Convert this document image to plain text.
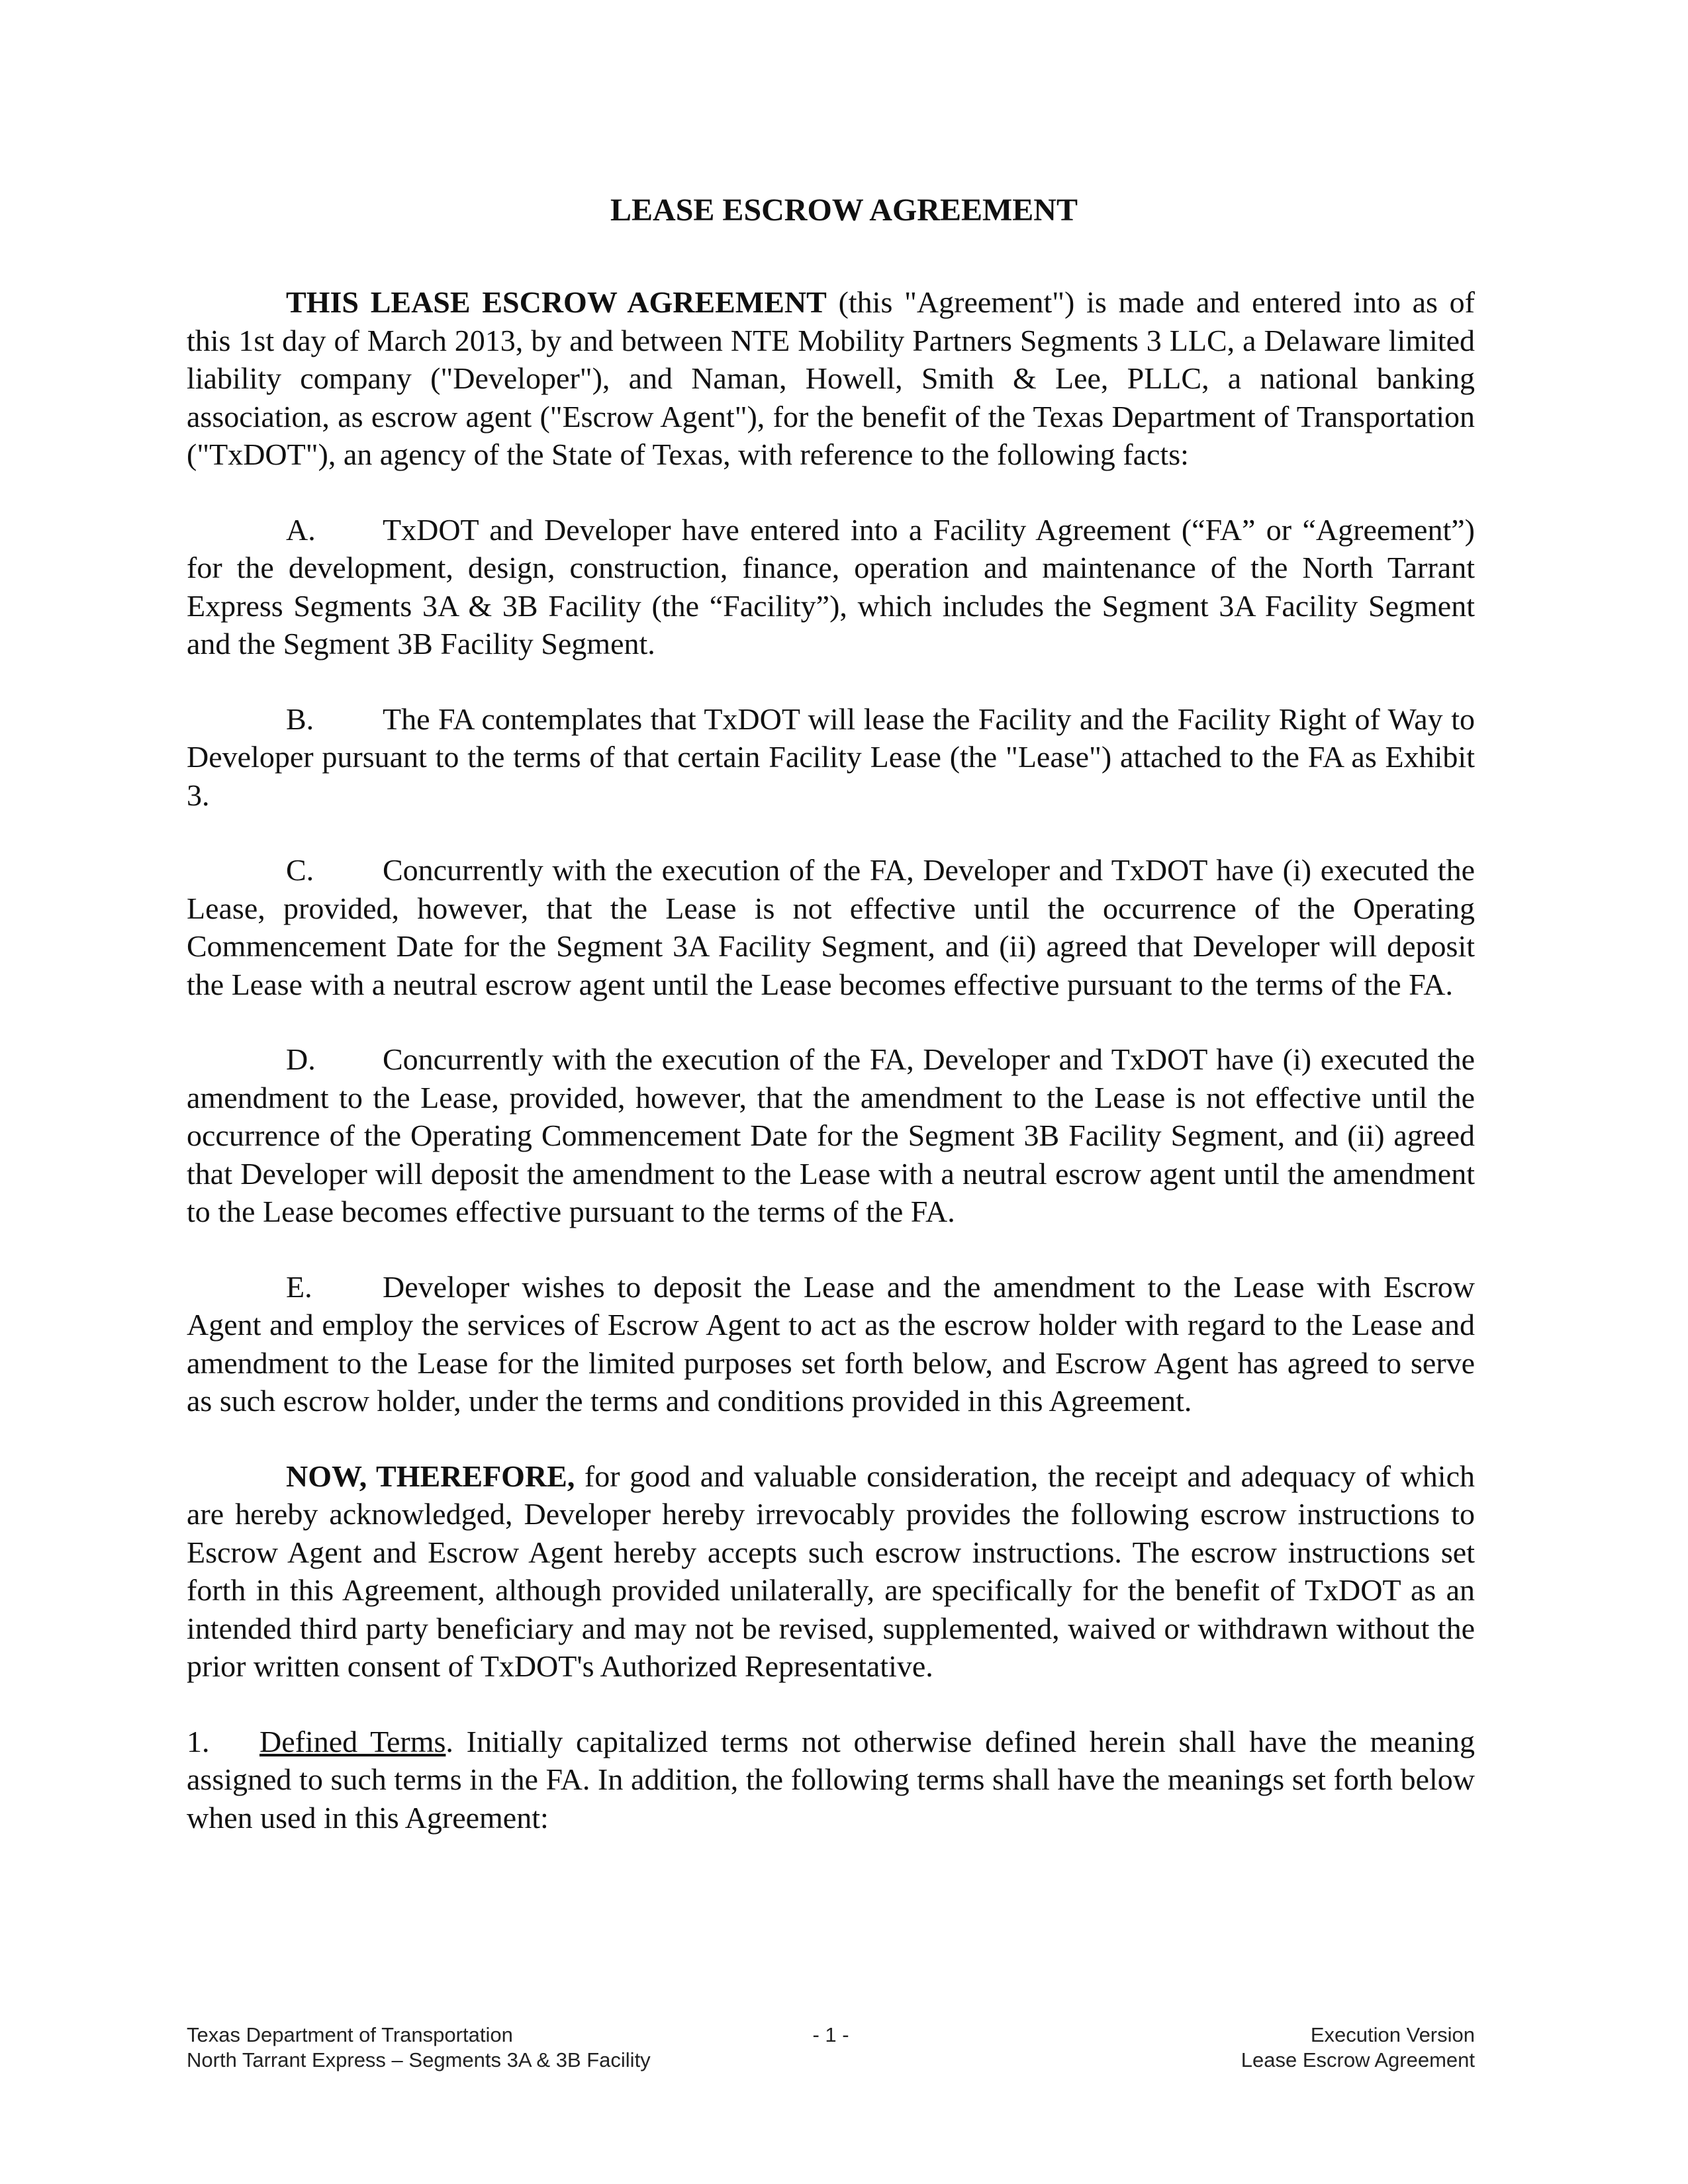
LEASE ESCROW AGREEMENT

THIS LEASE ESCROW AGREEMENT (this "Agreement") is made and entered into as of this 1st day of March 2013, by and between NTE Mobility Partners Segments 3 LLC, a Delaware limited liability company ("Developer"), and Naman, Howell, Smith & Lee, PLLC, a national banking association, as escrow agent ("Escrow Agent"), for the benefit of the Texas Department of Transportation ("TxDOT"), an agency of the State of Texas, with reference to the following facts:

A. TxDOT and Developer have entered into a Facility Agreement (“FA” or “Agreement”) for the development, design, construction, finance, operation and maintenance of the North Tarrant Express Segments 3A & 3B Facility (the “Facility”), which includes the Segment 3A Facility Segment and the Segment 3B Facility Segment.

B. The FA contemplates that TxDOT will lease the Facility and the Facility Right of Way to Developer pursuant to the terms of that certain Facility Lease (the "Lease") attached to the FA as Exhibit 3.

C. Concurrently with the execution of the FA, Developer and TxDOT have (i) executed the Lease, provided, however, that the Lease is not effective until the occurrence of the Operating Commencement Date for the Segment 3A Facility Segment, and (ii) agreed that Developer will deposit the Lease with a neutral escrow agent until the Lease becomes effective pursuant to the terms of the FA.

D. Concurrently with the execution of the FA, Developer and TxDOT have (i) executed the amendment to the Lease, provided, however, that the amendment to the Lease is not effective until the occurrence of the Operating Commencement Date for the Segment 3B Facility Segment, and (ii) agreed that Developer will deposit the amendment to the Lease with a neutral escrow agent until the amendment to the Lease becomes effective pursuant to the terms of the FA.

E. Developer wishes to deposit the Lease and the amendment to the Lease with Escrow Agent and employ the services of Escrow Agent to act as the escrow holder with regard to the Lease and amendment to the Lease for the limited purposes set forth below, and Escrow Agent has agreed to serve as such escrow holder, under the terms and conditions provided in this Agreement.

NOW, THEREFORE, for good and valuable consideration, the receipt and adequacy of which are hereby acknowledged, Developer hereby irrevocably provides the following escrow instructions to Escrow Agent and Escrow Agent hereby accepts such escrow instructions. The escrow instructions set forth in this Agreement, although provided unilaterally, are specifically for the benefit of TxDOT as an intended third party beneficiary and may not be revised, supplemented, waived or withdrawn without the prior written consent of TxDOT's Authorized Representative.

1. Defined Terms. Initially capitalized terms not otherwise defined herein shall have the meaning assigned to such terms in the FA. In addition, the following terms shall have the meanings set forth below when used in this Agreement:

Texas Department of Transportation
North Tarrant Express – Segments 3A & 3B Facility
- 1 -	Execution Version
Lease Escrow Agreement
